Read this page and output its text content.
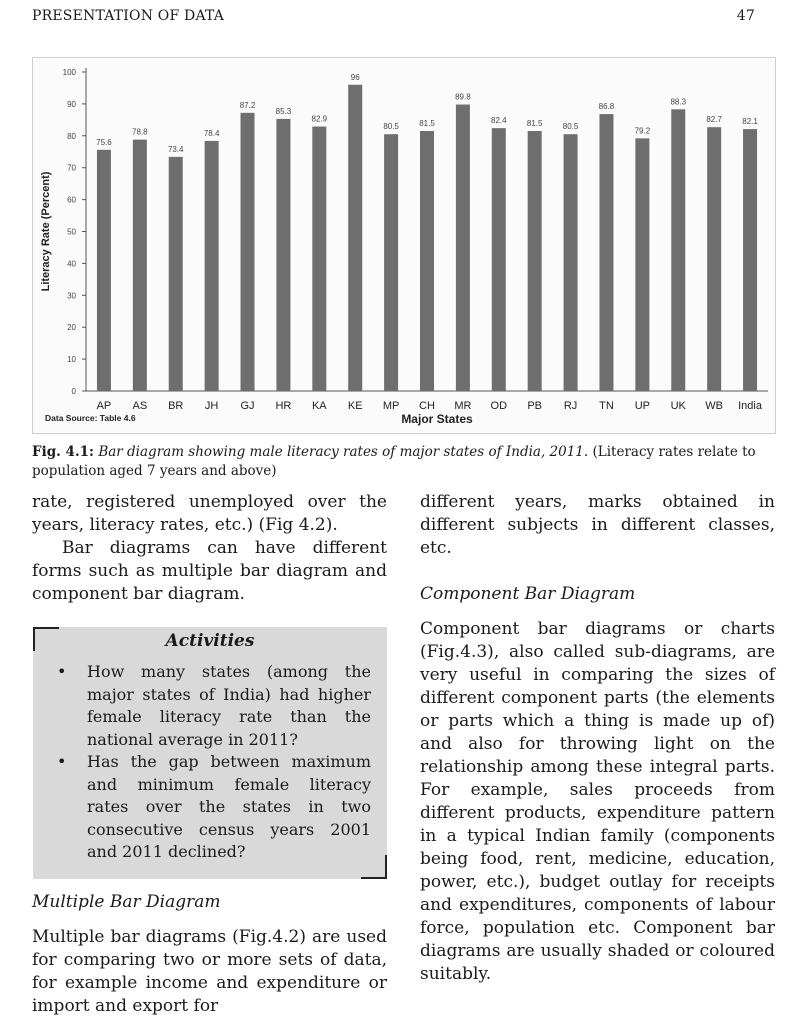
PRESENTATION OF DATA	47
0
10
20
30
40
50
60
70
80
90
100
75.6
AP
78.8
AS
73.4
BR
78.4
JH
87.2
GJ
85.3
HR
82.9
KA
96
KE
80.5
MP
81.5
CH
89.8
MR
82.4
OD
81.5
PB
80.5
RJ
86.8
TN
79.2
UP
88.3
UK
82.7
WB
82.1
India
Literacy Rate (Percent)
Major States
Data Source: Table 4.6
Fig. 4.1: Bar diagram showing male literacy rates of major states of India, 2011. (Literacy rates relate to population aged 7 years and above)

rate, registered unemployed over the years, literacy rates, etc.) (Fig 4.2).

Bar diagrams can have different forms such as multiple bar diagram and component bar diagram.

Activities
• How many states (among the major states of India) had higher female literacy rate than the national average in 2011?
• Has the gap between maximum and minimum female literacy rates over the states in two consecutive census years 2001 and 2011 declined?

Multiple Bar Diagram

Multiple bar diagrams (Fig.4.2) are used for comparing two or more sets of data, for example income and expenditure or import and export for

different years, marks obtained in different subjects in different classes, etc.

Component Bar Diagram

Component bar diagrams or charts (Fig.4.3), also called sub-diagrams, are very useful in comparing the sizes of different component parts (the elements or parts which a thing is made up of) and also for throwing light on the relationship among these integral parts. For example, sales proceeds from different products, expenditure pattern in a typical Indian family (components being food, rent, medicine, education, power, etc.), budget outlay for receipts and expenditures, components of labour force, population etc. Component bar diagrams are usually shaded or coloured suitably.
